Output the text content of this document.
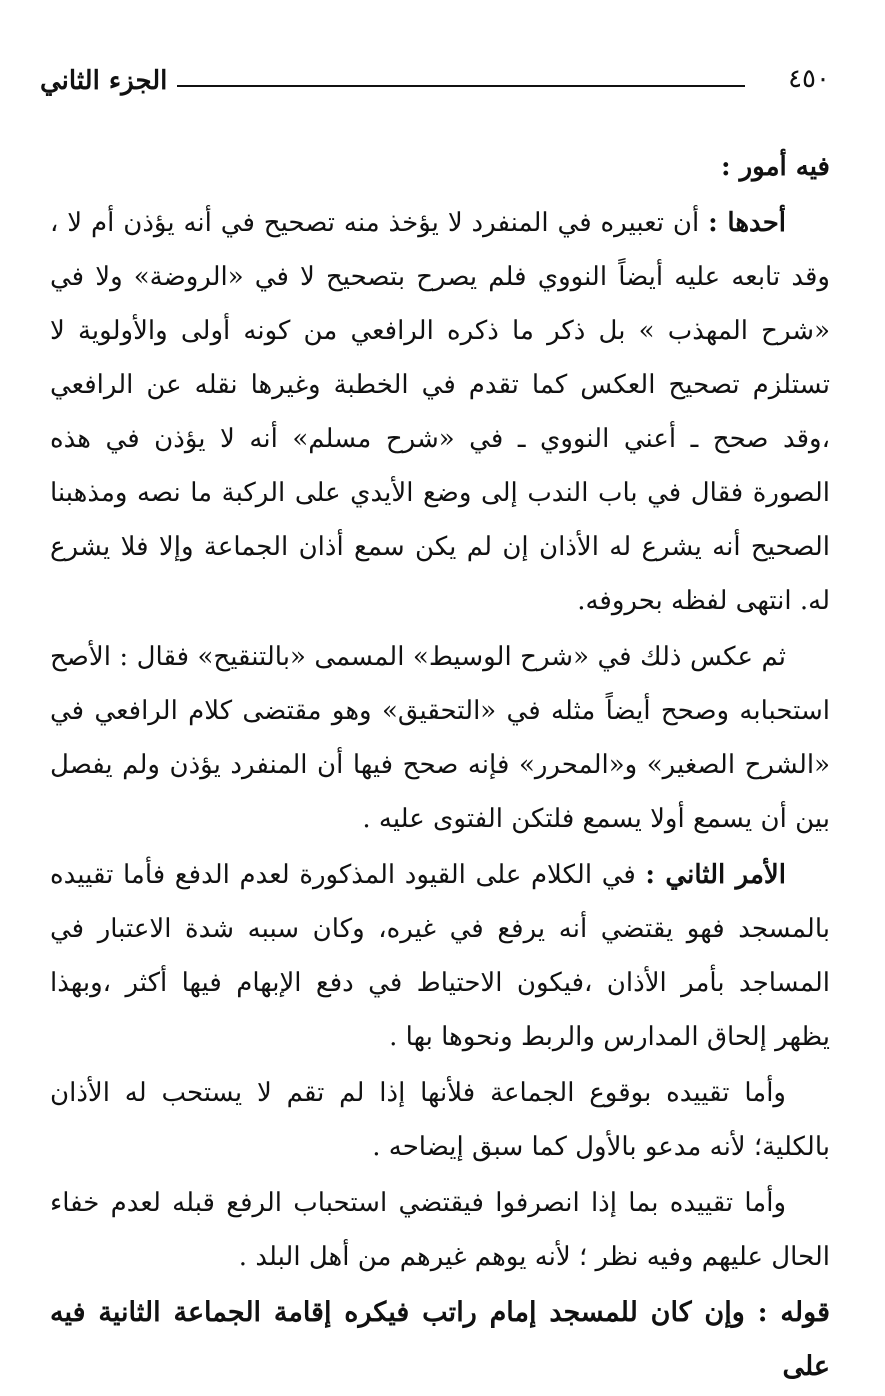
الجزء الثاني	٤٥٠

فيه أمور :

أحدها : أن تعبيره في المنفرد لا يؤخذ منه تصحيح في أنه يؤذن أم لا ، وقد تابعه عليه أيضاً النووي فلم يصرح بتصحيح لا في «الروضة» ولا في «شرح المهذب » بل ذكر ما ذكره الرافعي من كونه أولى والأولوية لا تستلزم تصحيح العكس كما تقدم في الخطبة وغيرها نقله عن الرافعي ،وقد صحح ـ أعني النووي ـ في «شرح مسلم» أنه لا يؤذن في هذه الصورة فقال في باب الندب إلى وضع الأيدي على الركبة ما نصه ومذهبنا الصحيح أنه يشرع له الأذان إن لم يكن سمع أذان الجماعة وإلا فلا يشرع له. انتهى لفظه بحروفه.

ثم عكس ذلك في «شرح الوسيط» المسمى «بالتنقيح» فقال : الأصح استحبابه وصحح أيضاً مثله في «التحقيق» وهو مقتضى كلام الرافعي في «الشرح الصغير» و«المحرر» فإنه صحح فيها أن المنفرد يؤذن ولم يفصل بين أن يسمع أولا يسمع فلتكن الفتوى عليه .

الأمر الثاني : في الكلام على القيود المذكورة لعدم الدفع فأما تقييده بالمسجد فهو يقتضي أنه يرفع في غيره، وكان سببه شدة الاعتبار في المساجد بأمر الأذان ،فيكون الاحتياط في دفع الإبهام فيها أكثر ،وبهذا يظهر إلحاق المدارس والربط ونحوها بها .

وأما تقييده بوقوع الجماعة فلأنها إذا لم تقم لا يستحب له الأذان بالكلية؛ لأنه مدعو بالأول كما سبق إيضاحه .

وأما تقييده بما إذا انصرفوا فيقتضي استحباب الرفع قبله لعدم خفاء الحال عليهم وفيه نظر ؛ لأنه يوهم غيرهم من أهل البلد .

قوله : وإن كان للمسجد إمام راتب فيكره إقامة الجماعة الثانية فيه على
